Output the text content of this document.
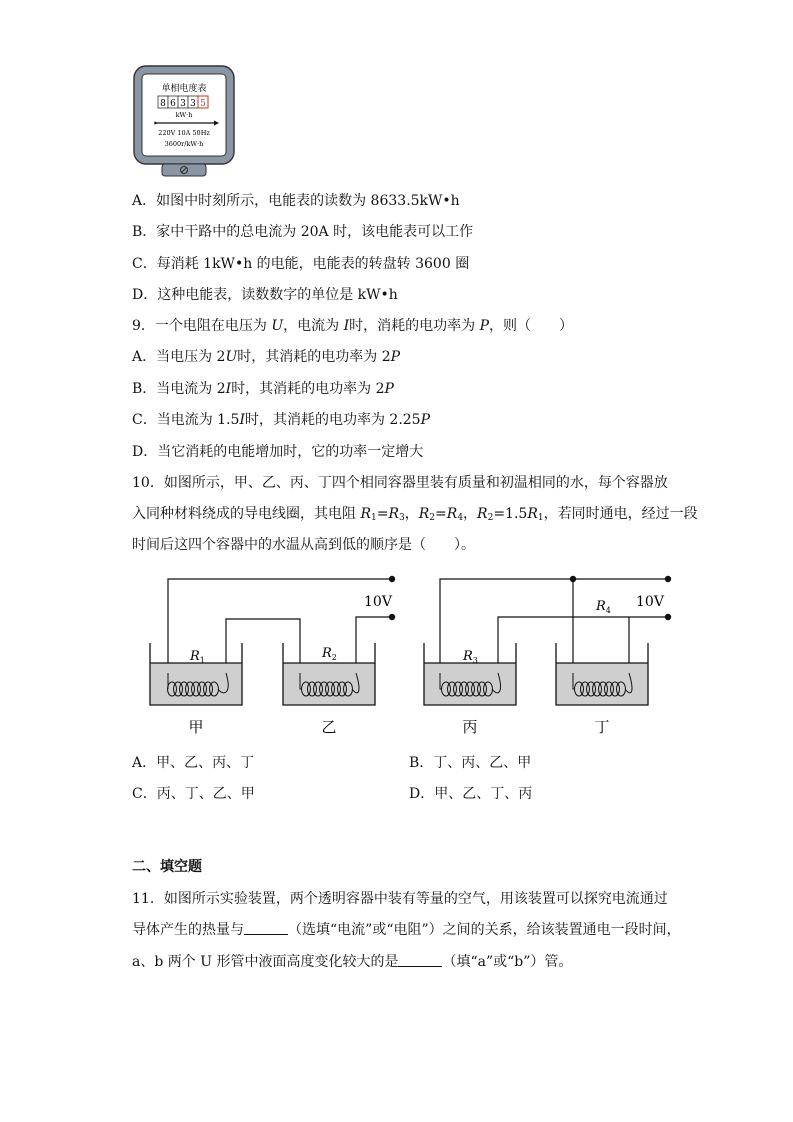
单相电度表
8 6 3 3 5
kW·h
220V 10A 50Hz
3600r/kW·h
A．如图中时刻所示，电能表的读数为 8633.5kW•h
B．家中干路中的总电流为 20A 时，该电能表可以工作
C．每消耗 1kW•h 的电能，电能表的转盘转 3600 圈
D．这种电能表，读数数字的单位是 kW•h
9．一个电阻在电压为 U，电流为 I时，消耗的电功率为 P，则（　　）
A．当电压为 2U时，其消耗的电功率为 2P
B．当电流为 2I时，其消耗的电功率为 2P
C．当电流为 1.5I时，其消耗的电功率为 2.25P
D．当它消耗的电能增加时，它的功率一定增大
10．如图所示，甲、乙、丙、丁四个相同容器里装有质量和初温相同的水，每个容器放
入同种材料绕成的导电线圈，其电阻 $R_1=R_3$，$R_2=R_4$，$R_2=1.5R_1$，若同时通电，经过一段
时间后这四个容器中的水温从高到低的顺序是（　　）。
$R_1$	$R_2$	$R_3$
$R_4$
10V	10V
甲	乙	丙	丁
A．甲、乙、丙、丁	B．丁、丙、乙、甲
C．丙、丁、乙、甲	D．甲、乙、丁、丙
二、填空题
11．如图所示实验装置，两个透明容器中装有等量的空气，用该装置可以探究电流通过
导体产生的热量与	（选填“电流”或“电阻”）之间的关系，给该装置通电一段时间，
a、b 两个 U 形管中液面高度变化较大的是	（填“a”或“b”）管。
